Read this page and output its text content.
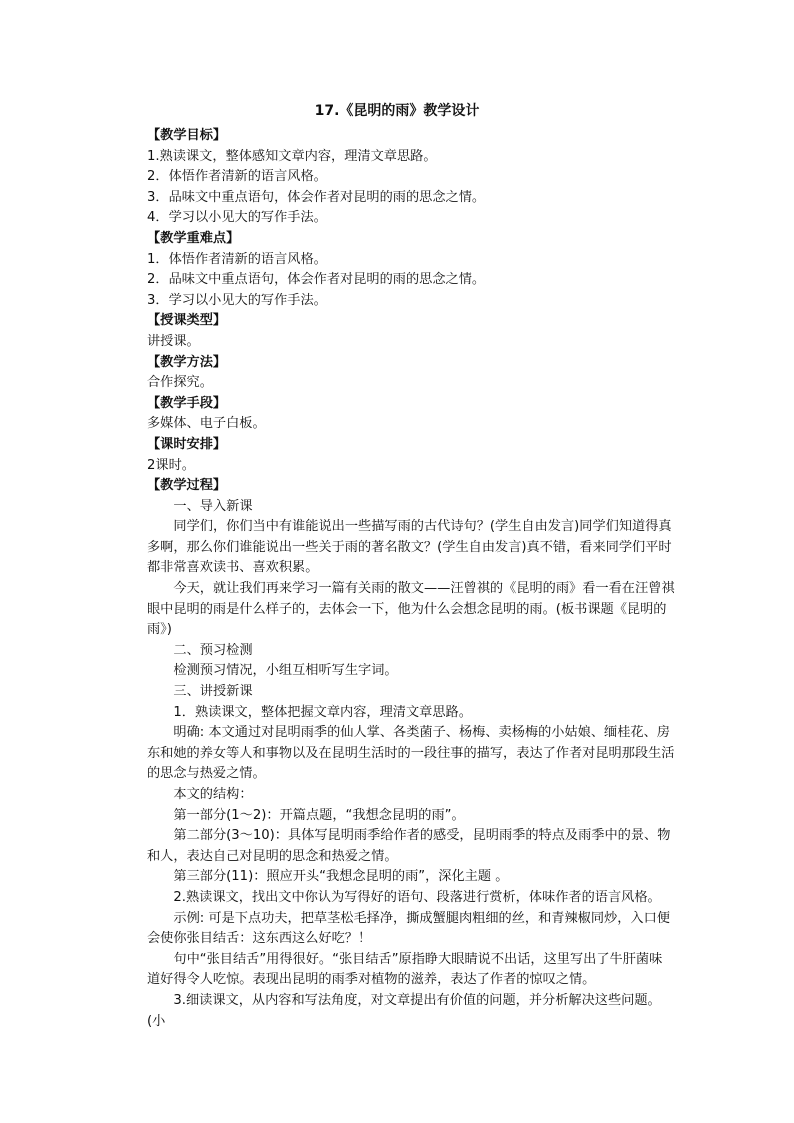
17.《昆明的雨》教学设计

【教学目标】

1.熟读课文，整体感知文章内容，理清文章思路。

2．体悟作者清新的语言风格。

3．品味文中重点语句，体会作者对昆明的雨的思念之情。

4．学习以小见大的写作手法。

【教学重难点】

1．体悟作者清新的语言风格。

2．品味文中重点语句，体会作者对昆明的雨的思念之情。

3．学习以小见大的写作手法。

【授课类型】

讲授课。

【教学方法】

合作探究。

【教学手段】

多媒体、电子白板。

【课时安排】

2课时。

【教学过程】

一、导入新课

同学们，你们当中有谁能说出一些描写雨的古代诗句？(学生自由发言)同学们知道得真多啊，那么你们谁能说出一些关于雨的著名散文？(学生自由发言)真不错，看来同学们平时都非常喜欢读书、喜欢积累。

今天，就让我们再来学习一篇有关雨的散文——汪曾祺的《昆明的雨》看一看在汪曾祺眼中昆明的雨是什么样子的，去体会一下，他为什么会想念昆明的雨。(板书课题《昆明的雨》)

二、预习检测

检测预习情况，小组互相听写生字词。

三、讲授新课

1．熟读课文，整体把握文章内容，理清文章思路。

明确: 本文通过对昆明雨季的仙人掌、各类菌子、杨梅、卖杨梅的小姑娘、缅桂花、房东和她的养女等人和事物以及在昆明生活时的一段往事的描写，表达了作者对昆明那段生活的思念与热爱之情。

本文的结构：

第一部分(1～2)：开篇点题，“我想念昆明的雨”。

第二部分(3～10)：具体写昆明雨季给作者的感受，昆明雨季的特点及雨季中的景、物和人，表达自己对昆明的思念和热爱之情。

第三部分(11)：照应开头“我想念昆明的雨”，深化主题 。

2.熟读课文，找出文中你认为写得好的语句、段落进行赏析，体味作者的语言风格。

示例: 可是下点功夫，把草茎松毛择净，撕成蟹腿肉粗细的丝，和青辣椒同炒，入口便会使你张目结舌：这东西这么好吃？！

句中“张目结舌”用得很好。“张目结舌”原指睁大眼睛说不出话，这里写出了牛肝菌味道好得令人吃惊。表现出昆明的雨季对植物的滋养，表达了作者的惊叹之情。

3.细读课文，从内容和写法角度，对文章提出有价值的问题，并分析解决这些问题。(小
